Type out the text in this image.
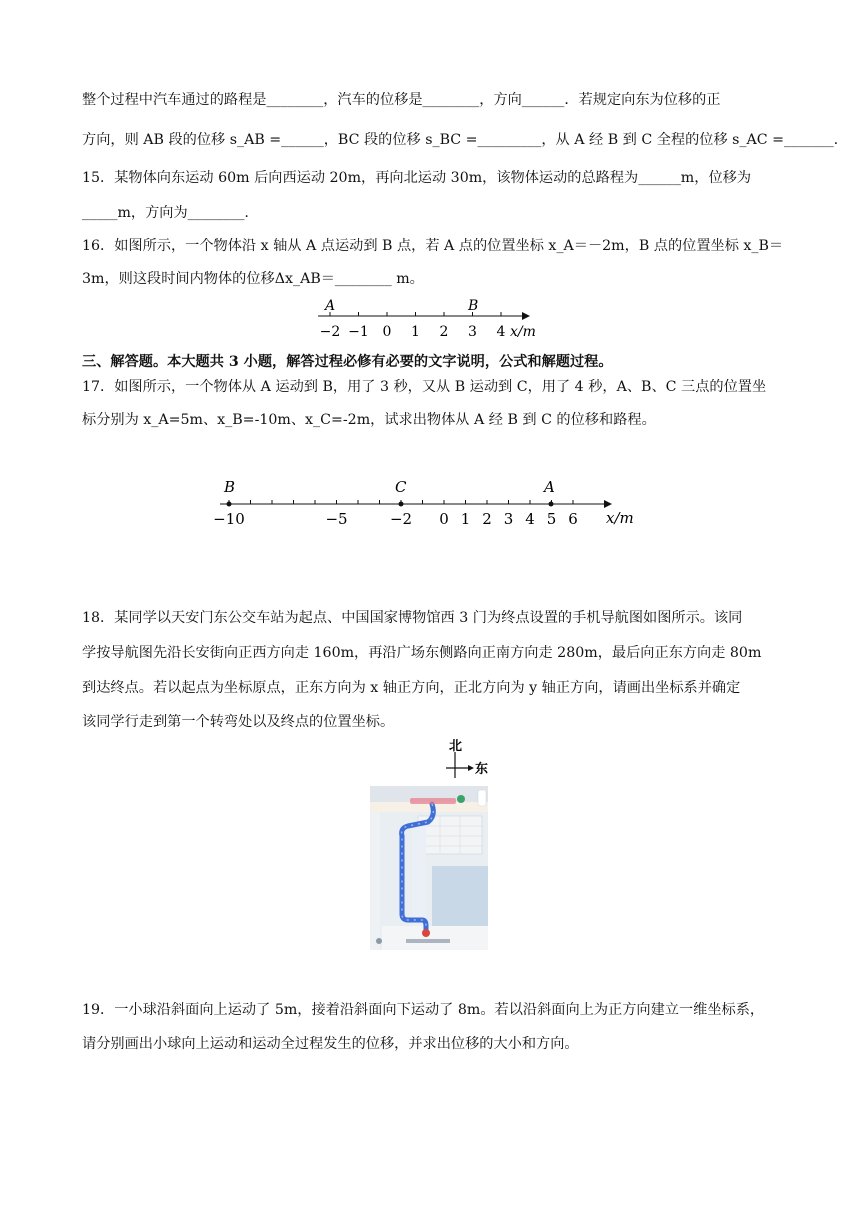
整个过程中汽车通过的路程是________，汽车的位移是________，方向______．若规定向东为位移的正
方向，则 AB 段的位移 s_AB =______，BC 段的位移 s_BC =_________，从 A 经 B 到 C 全程的位移 s_AC =_______.
15．某物体向东运动 60m 后向西运动 20m，再向北运动 30m，该物体运动的总路程为______m，位移为
_____m，方向为________.
16．如图所示，一个物体沿 x 轴从 A 点运动到 B 点，若 A 点的位置坐标 x_A＝－2m，B 点的位置坐标 x_B＝
3m，则这段时间内物体的位移Δx_AB＝________ m。
−2 −1 0 1 2 3 4
A	B
x/m
三、解答题。本大题共 3 小题，解答过程必修有必要的文字说明，公式和解题过程。
17．如图所示，一个物体从 A 运动到 B，用了 3 秒，又从 B 运动到 C，用了 4 秒，A、B、C 三点的位置坐
标分别为 x_A=5m、x_B=-10m、x_C=-2m，试求出物体从 A 经 B 到 C 的位移和路程。
−10	−5	−2 0 1 2 3 4 5 6
B	C	A
x/m
18．某同学以天安门东公交车站为起点、中国国家博物馆西 3 门为终点设置的手机导航图如图所示。该同
学按导航图先沿长安街向正西方向走 160m，再沿广场东侧路向正南方向走 280m，最后向正东方向走 80m
到达终点。若以起点为坐标原点，正东方向为 x 轴正方向，正北方向为 y 轴正方向，请画出坐标系并确定
该同学行走到第一个转弯处以及终点的位置坐标。
北
东
19．一小球沿斜面向上运动了 5m，接着沿斜面向下运动了 8m。若以沿斜面向上为正方向建立一维坐标系，
请分别画出小球向上运动和运动全过程发生的位移，并求出位移的大小和方向。
